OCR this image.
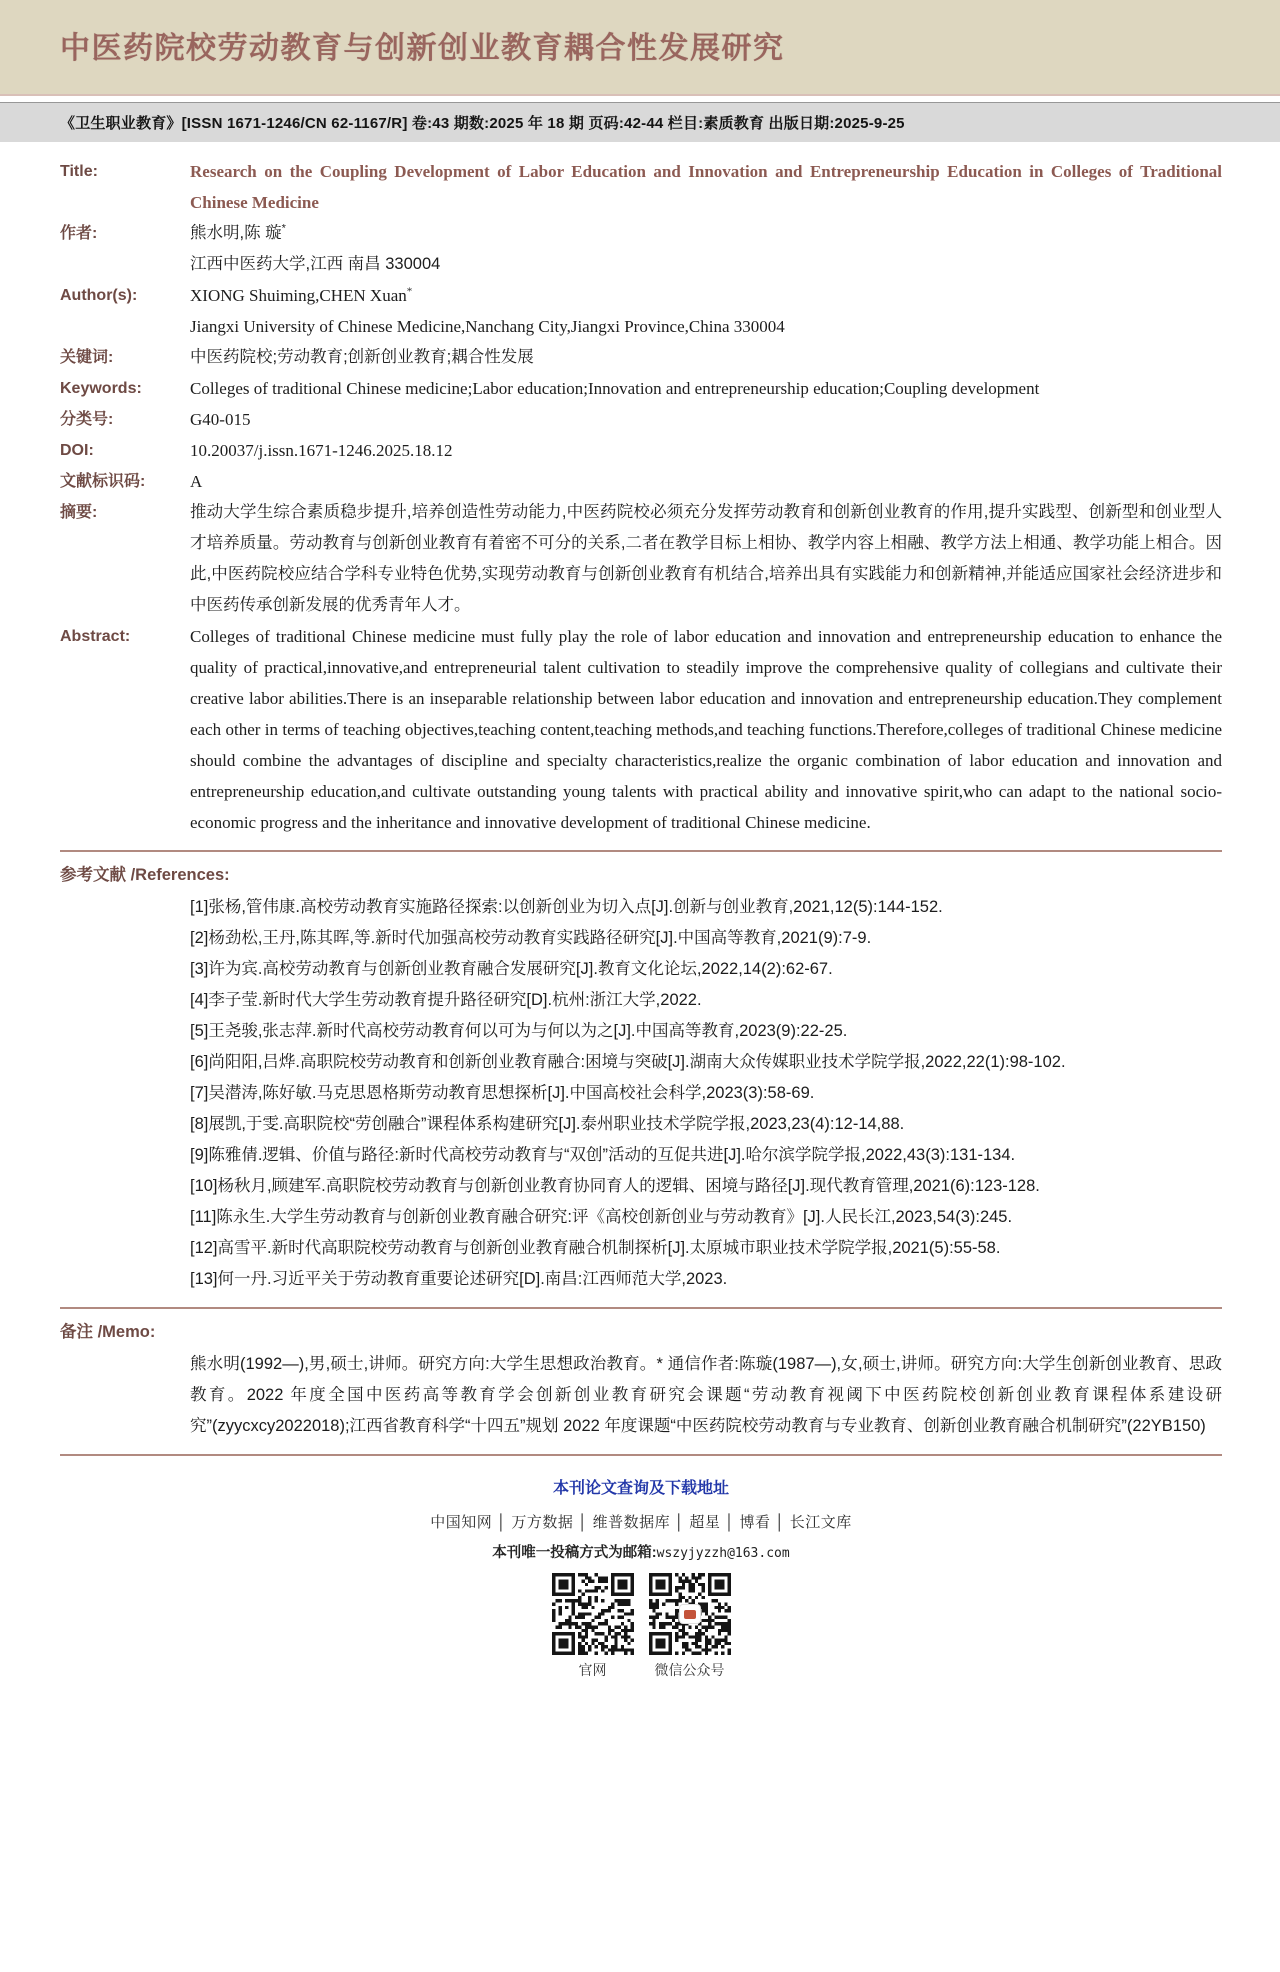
中医药院校劳动教育与创新创业教育耦合性发展研究
《卫生职业教育》[ISSN 1671-1246/CN 62-1167/R] 卷:43 期数:2025 年 18 期 页码:42-44 栏目:素质教育 出版日期:2025-9-25
Title:	Research on the Coupling Development of Labor Education and Innovation and Entrepreneurship Education in Colleges of Traditional Chinese Medicine
作者:	熊水明,陈 璇*
江西中医药大学,江西 南昌 330004
Author(s):	XIONG Shuiming,CHEN Xuan*
Jiangxi University of Chinese Medicine,Nanchang City,Jiangxi Province,China 330004
关键词:	中医药院校;劳动教育;创新创业教育;耦合性发展
Keywords:	Colleges of traditional Chinese medicine;Labor education;Innovation and entrepreneurship education;Coupling development
分类号:	G40-015
DOI:	10.20037/j.issn.1671-1246.2025.18.12
文献标识码:	A
摘要:	推动大学生综合素质稳步提升,培养创造性劳动能力,中医药院校必须充分发挥劳动教育和创新创业教育的作用,提升实践型、创新型和创业型人才培养质量。劳动教育与创新创业教育有着密不可分的关系,二者在教学目标上相协、教学内容上相融、教学方法上相通、教学功能上相合。因此,中医药院校应结合学科专业特色优势,实现劳动教育与创新创业教育有机结合,培养出具有实践能力和创新精神,并能适应国家社会经济进步和中医药传承创新发展的优秀青年人才。
Abstract:	Colleges of traditional Chinese medicine must fully play the role of labor education and innovation and entrepreneurship education to enhance the quality of practical,innovative,and entrepreneurial talent cultivation to steadily improve the comprehensive quality of collegians and cultivate their creative labor abilities.There is an inseparable relationship between labor education and innovation and entrepreneurship education.They complement each other in terms of teaching objectives,teaching content,teaching methods,and teaching functions.Therefore,colleges of traditional Chinese medicine should combine the advantages of discipline and specialty characteristics,realize the organic combination of labor education and innovation and entrepreneurship education,and cultivate outstanding young talents with practical ability and innovative spirit,who can adapt to the national socio-economic progress and the inheritance and innovative development of traditional Chinese medicine.
参考文献 /References:
[1]张杨,管伟康.高校劳动教育实施路径探索:以创新创业为切入点[J].创新与创业教育,2021,12(5):144-152.
[2]杨劲松,王丹,陈其晖,等.新时代加强高校劳动教育实践路径研究[J].中国高等教育,2021(9):7-9.
[3]许为宾.高校劳动教育与创新创业教育融合发展研究[J].教育文化论坛,2022,14(2):62-67.
[4]李子莹.新时代大学生劳动教育提升路径研究[D].杭州:浙江大学,2022.
[5]王尧骏,张志萍.新时代高校劳动教育何以可为与何以为之[J].中国高等教育,2023(9):22-25.
[6]尚阳阳,吕烨.高职院校劳动教育和创新创业教育融合:困境与突破[J].湖南大众传媒职业技术学院学报,2022,22(1):98-102.
[7]吴潜涛,陈好敏.马克思恩格斯劳动教育思想探析[J].中国高校社会科学,2023(3):58-69.
[8]展凯,于雯.高职院校“劳创融合”课程体系构建研究[J].泰州职业技术学院学报,2023,23(4):12-14,88.
[9]陈雅倩.逻辑、价值与路径:新时代高校劳动教育与“双创”活动的互促共进[J].哈尔滨学院学报,2022,43(3):131-134.
[10]杨秋月,顾建军.高职院校劳动教育与创新创业教育协同育人的逻辑、困境与路径[J].现代教育管理,2021(6):123-128.
[11]陈永生.大学生劳动教育与创新创业教育融合研究:评《高校创新创业与劳动教育》[J].人民长江,2023,54(3):245.
[12]高雪平.新时代高职院校劳动教育与创新创业教育融合机制探析[J].太原城市职业技术学院学报,2021(5):55-58.
[13]何一丹.习近平关于劳动教育重要论述研究[D].南昌:江西师范大学,2023.
备注 /Memo:
熊水明(1992—),男,硕士,讲师。研究方向:大学生思想政治教育。* 通信作者:陈璇(1987—),女,硕士,讲师。研究方向:大学生创新创业教育、思政教育。2022 年度全国中医药高等教育学会创新创业教育研究会课题“劳动教育视阈下中医药院校创新创业教育课程体系建设研究”(zyycxcy2022018);江西省教育科学“十四五”规划 2022 年度课题“中医药院校劳动教育与专业教育、创新创业教育融合机制研究”(22YB150)
本刊论文查询及下载地址
中国知网 │ 万方数据 │ 维普数据库 │ 超星 │ 博看 │ 长江文库
本刊唯一投稿方式为邮箱:wszyjyzzh@163.com
官网	微信公众号
